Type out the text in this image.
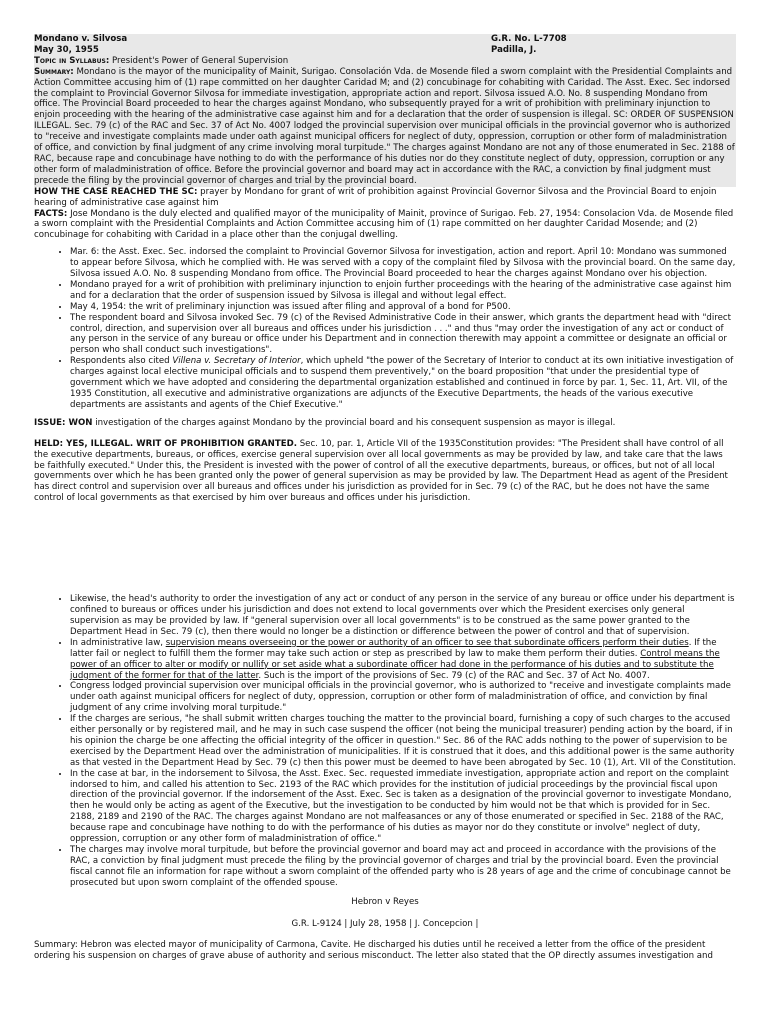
Mondano v. Silvosa	G.R. No. L-7708
May 30, 1955	Padilla, J.
Topic in Syllabus: President's Power of General Supervision

Summary: Mondano is the mayor of the municipality of Mainit, Surigao. Consolación Vda. de Mosende filed a sworn complaint with the Presidential Complaints and Action Committee accusing him of (1) rape committed on her daughter Caridad M; and (2) concubinage for cohabiting with Caridad. The Asst. Exec. Sec indorsed the complaint to Provincial Governor Silvosa for immediate investigation, appropriate action and report. Silvosa issued A.O. No. 8 suspending Mondano from office. The Provincial Board proceeded to hear the charges against Mondano, who subsequently prayed for a writ of prohibition with preliminary injunction to enjoin proceeding with the hearing of the administrative case against him and for a declaration that the order of suspension is illegal. SC: ORDER OF SUSPENSION ILLEGAL. Sec. 79 (c) of the RAC and Sec. 37 of Act No. 4007 lodged the provincial supervision over municipal officials in the provincial governor who is authorized to "receive and investigate complaints made under oath against municipal officers for neglect of duty, oppression, corruption or other form of maladministration of office, and conviction by final judgment of any crime involving moral turpitude." The charges against Mondano are not any of those enumerated in Sec. 2188 of RAC, because rape and concubinage have nothing to do with the performance of his duties nor do they constitute neglect of duty, oppression, corruption or any other form of maladministration of office. Before the provincial governor and board may act in accordance with the RAC, a conviction by final judgment must precede the filing by the provincial governor of charges and trial by the provincial board.

HOW THE CASE REACHED THE SC: prayer by Mondano for grant of writ of prohibition against Provincial Governor Silvosa and the Provincial Board to enjoin hearing of administrative case against him

FACTS: Jose Mondano is the duly elected and qualified mayor of the municipality of Mainit, province of Surigao. Feb. 27, 1954: Consolacion Vda. de Mosende filed a sworn complaint with the Presidential Complaints and Action Committee accusing him of (1) rape committed on her daughter Caridad Mosende; and (2) concubinage for cohabiting with Caridad in a place other than the conjugal dwelling.

• Mar. 6: the Asst. Exec. Sec. indorsed the complaint to Provincial Governor Silvosa for investigation, action and report. April 10: Mondano was summoned to appear before Silvosa, which he complied with. He was served with a copy of the complaint filed by Silvosa with the provincial board. On the same day, Silvosa issued A.O. No. 8 suspending Mondano from office. The Provincial Board proceeded to hear the charges against Mondano over his objection.
• Mondano prayed for a writ of prohibition with preliminary injunction to enjoin further proceedings with the hearing of the administrative case against him and for a declaration that the order of suspension issued by Silvosa is illegal and without legal effect.
• May 4, 1954: the writ of preliminary injunction was issued after filing and approval of a bond for P500.
• The respondent board and Silvosa invoked Sec. 79 (c) of the Revised Administrative Code in their answer, which grants the department head with "direct control, direction, and supervision over all bureaus and offices under his jurisdiction . . ." and thus "may order the investigation of any act or conduct of any person in the service of any bureau or office under his Department and in connection therewith may appoint a committee or designate an official or person who shall conduct such investigations".
• Respondents also cited Villena v. Secretary of Interior, which upheld "the power of the Secretary of Interior to conduct at its own initiative investigation of charges against local elective municipal officials and to suspend them preventively," on the board proposition "that under the presidential type of government which we have adopted and considering the departmental organization established and continued in force by par. 1, Sec. 11, Art. VII, of the 1935 Constitution, all executive and administrative organizations are adjuncts of the Executive Departments, the heads of the various executive departments are assistants and agents of the Chief Executive."

ISSUE: WON investigation of the charges against Mondano by the provincial board and his consequent suspension as mayor is illegal.

HELD: YES, ILLEGAL. WRIT OF PROHIBITION GRANTED. Sec. 10, par. 1, Article VII of the 1935Constitution provides: "The President shall have control of all the executive departments, bureaus, or offices, exercise general supervision over all local governments as may be provided by law, and take care that the laws be faithfully executed." Under this, the President is invested with the power of control of all the executive departments, bureaus, or offices, but not of all local governments over which he has been granted only the power of general supervision as may be provided by law. The Department Head as agent of the President has direct control and supervision over all bureaus and offices under his jurisdiction as provided for in Sec. 79 (c) of the RAC, but he does not have the same control of local governments as that exercised by him over bureaus and offices under his jurisdiction.

• Likewise, the head's authority to order the investigation of any act or conduct of any person in the service of any bureau or office under his department is confined to bureaus or offices under his jurisdiction and does not extend to local governments over which the President exercises only general supervision as may be provided by law. If "general supervision over all local governments" is to be construed as the same power granted to the Department Head in Sec. 79 (c), then there would no longer be a distinction or difference between the power of control and that of supervision.
• In administrative law, supervision means overseeing or the power or authority of an officer to see that subordinate officers perform their duties. If the latter fail or neglect to fulfill them the former may take such action or step as prescribed by law to make them perform their duties. Control means the power of an officer to alter or modify or nullify or set aside what a subordinate officer had done in the performance of his duties and to substitute the judgment of the former for that of the latter. Such is the import of the provisions of Sec. 79 (c) of the RAC and Sec. 37 of Act No. 4007.
• Congress lodged provincial supervision over municipal officials in the provincial governor, who is authorized to "receive and investigate complaints made under oath against municipal officers for neglect of duty, oppression, corruption or other form of maladministration of office, and conviction by final judgment of any crime involving moral turpitude."
• If the charges are serious, "he shall submit written charges touching the matter to the provincial board, furnishing a copy of such charges to the accused either personally or by registered mail, and he may in such case suspend the officer (not being the municipal treasurer) pending action by the board, if in his opinion the charge be one affecting the official integrity of the officer in question." Sec. 86 of the RAC adds nothing to the power of supervision to be exercised by the Department Head over the administration of municipalities. If it is construed that it does, and this additional power is the same authority as that vested in the Department Head by Sec. 79 (c) then this power must be deemed to have been abrogated by Sec. 10 (1), Art. VII of the Constitution.
• In the case at bar, in the indorsement to Silvosa, the Asst. Exec. Sec. requested immediate investigation, appropriate action and report on the complaint indorsed to him, and called his attention to Sec. 2193 of the RAC which provides for the institution of judicial proceedings by the provincial fiscal upon direction of the provincial governor. If the indorsement of the Asst. Exec. Sec is taken as a designation of the provincial governor to investigate Mondano, then he would only be acting as agent of the Executive, but the investigation to be conducted by him would not be that which is provided for in Sec. 2188, 2189 and 2190 of the RAC. The charges against Mondano are not malfeasances or any of those enumerated or specified in Sec. 2188 of the RAC, because rape and concubinage have nothing to do with the performance of his duties as mayor nor do they constitute or involve" neglect of duty, oppression, corruption or any other form of maladministration of office."
• The charges may involve moral turpitude, but before the provincial governor and board may act and proceed in accordance with the provisions of the RAC, a conviction by final judgment must precede the filing by the provincial governor of charges and trial by the provincial board. Even the provincial fiscal cannot file an information for rape without a sworn complaint of the offended party who is 28 years of age and the crime of concubinage cannot be prosecuted but upon sworn complaint of the offended spouse.

Hebron v Reyes

G.R. L-9124 | July 28, 1958 | J. Concepcion |

Summary: Hebron was elected mayor of municipality of Carmona, Cavite. He discharged his duties until he received a letter from the office of the president ordering his suspension on charges of grave abuse of authority and serious misconduct. The letter also stated that the OP directly assumes investigation and
